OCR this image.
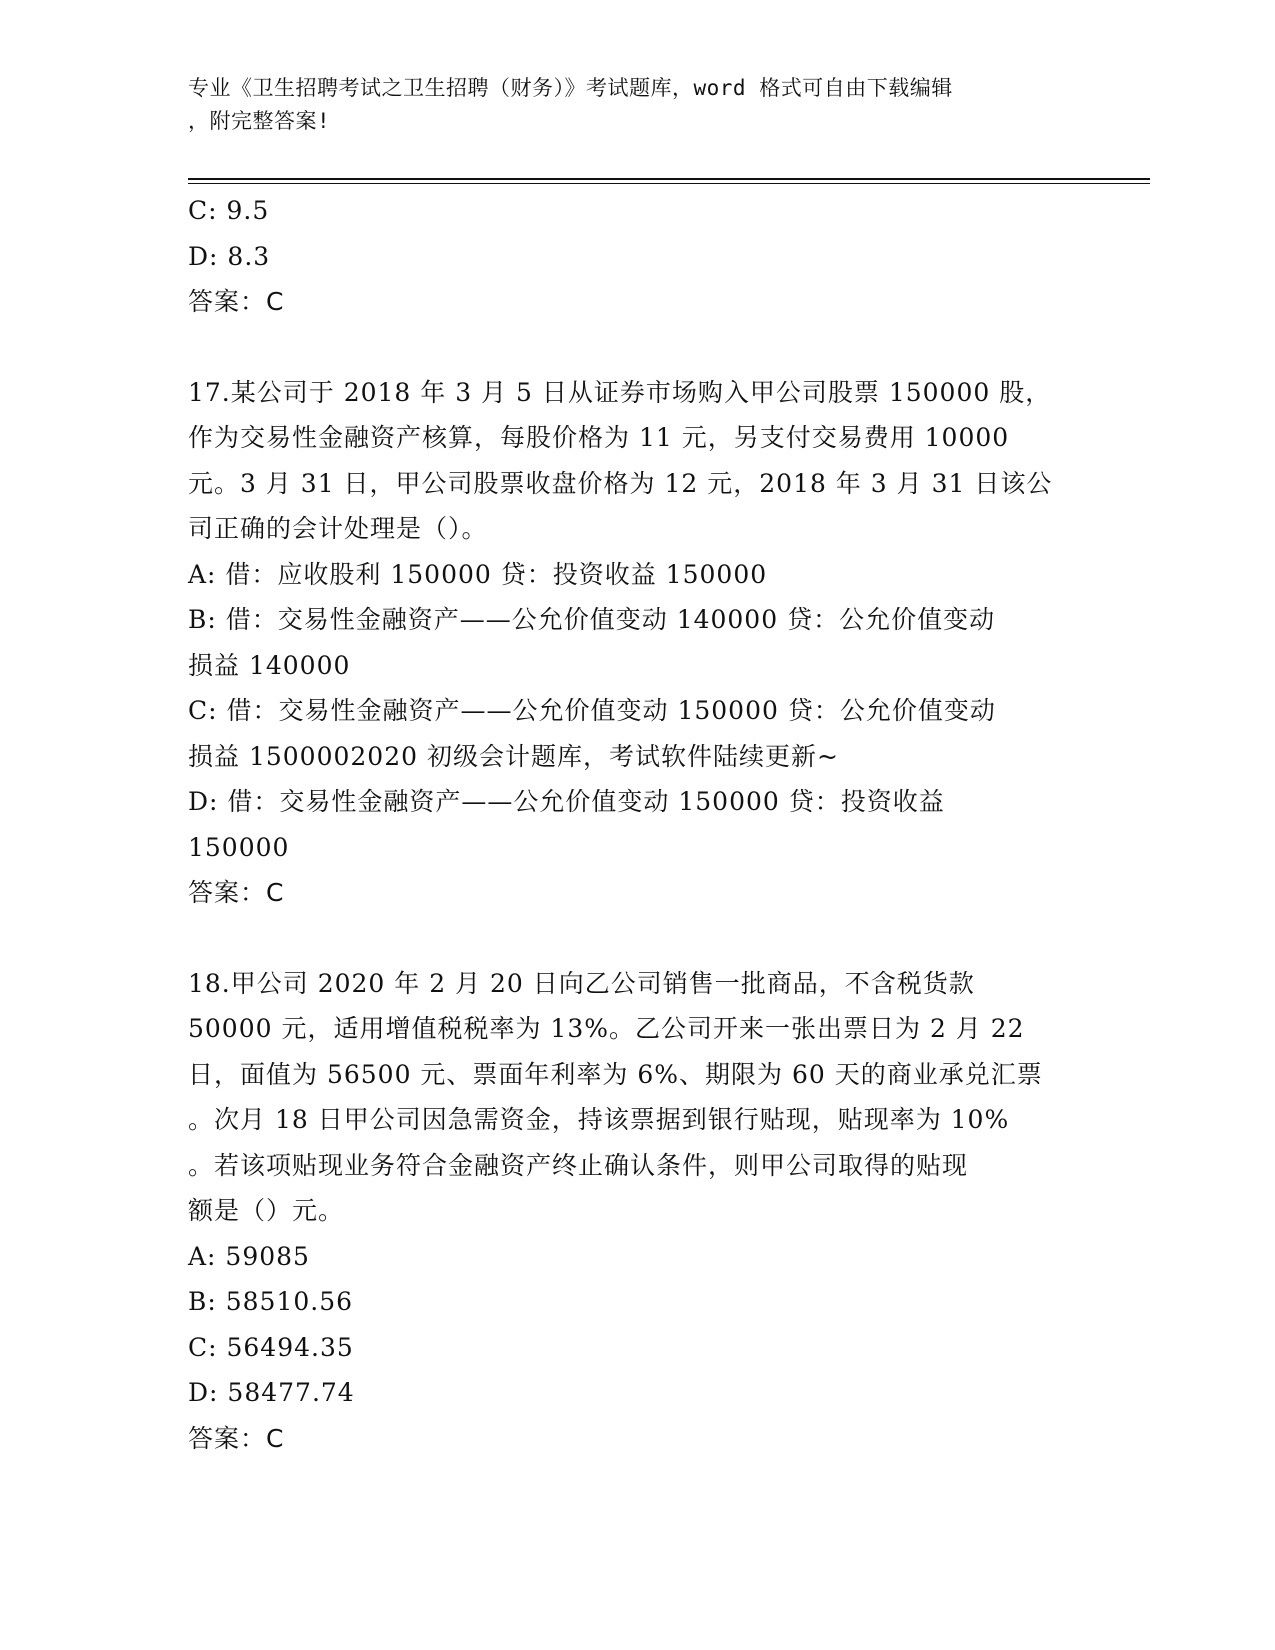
专业《卫生招聘考试之卫生招聘（财务）》考试题库，word 格式可自由下载编辑
，附完整答案!
C: 9.5
D: 8.3
答案：C
17.某公司于 2018 年 3 月 5 日从证券市场购入甲公司股票 150000 股，
作为交易性金融资产核算，每股价格为 11 元，另支付交易费用 10000
元。3 月 31 日，甲公司股票收盘价格为 12 元，2018 年 3 月 31 日该公
司正确的会计处理是（）。
A: 借：应收股利 150000 贷：投资收益 150000
B: 借：交易性金融资产——公允价值变动 140000 贷：公允价值变动
损益 140000
C: 借：交易性金融资产——公允价值变动 150000 贷：公允价值变动
损益 1500002020 初级会计题库，考试软件陆续更新~
D: 借：交易性金融资产——公允价值变动 150000 贷：投资收益
150000
答案：C
18.甲公司 2020 年 2 月 20 日向乙公司销售一批商品，不含税货款
50000 元，适用增值税税率为 13%。乙公司开来一张出票日为 2 月 22
日，面值为 56500 元、票面年利率为 6%、期限为 60 天的商业承兑汇票
。次月 18 日甲公司因急需资金，持该票据到银行贴现，贴现率为 10%
。若该项贴现业务符合金融资产终止确认条件，则甲公司取得的贴现
额是（）元。
A: 59085
B: 58510.56
C: 56494.35
D: 58477.74
答案：C
